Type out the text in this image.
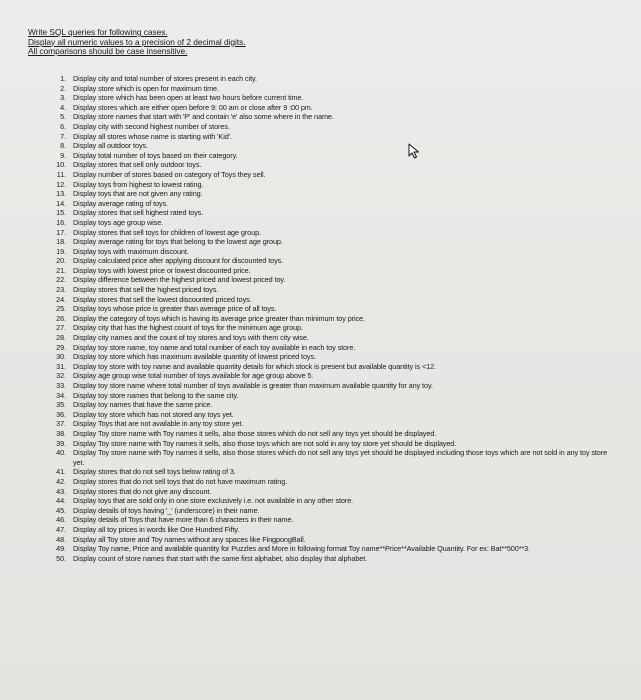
Write SQL queries for following cases.
Display all numeric values to a precision of 2 decimal digits.
All comparisons should be case insensitive.
1. Display city and total number of stores present in each city.
2. Display store which is open for maximum time.
3. Display store which has been open at least two hours before current time.
4. Display stores which are either open before 9: 00 am or close after 9 :00 pm.
5. Display store names that start with 'P' and contain 'e' also some where in the name.
6. Display city with second highest number of stores.
7. Display all stores whose name is starting with 'Kid'.
8. Display all outdoor toys.
9. Display total number of toys based on their category.
10. Display stores that sell only outdoor toys.
11. Display number of stores based on category of Toys they sell.
12. Display toys from highest to lowest rating.
13. Display toys that are not given any rating.
14. Display average rating of toys.
15. Display stores that sell highest rated toys.
16. Display toys age group wise.
17. Display stores that sell toys for children of lowest age group.
18. Display average rating for toys that belong to the lowest age group.
19. Display toys with maximum discount.
20. Display calculated price after applying discount for discounted toys.
21. Display toys with lowest price or lowest discounted price.
22. Display difference between the highest priced and lowest priced toy.
23. Display stores that sell the highest priced toys.
24. Display stores that sell the lowest discounted priced toys.
25. Display toys whose price is greater than average price of all toys.
26. Display the category of toys which is having its average price greater than minimum toy price.
27. Display city that has the highest count of toys for the minimum age group.
28. Display city names and the count of toy stores and toys with them city wise.
29. Display toy store name, toy name and total number of each toy available in each toy store.
30. Display toy store which has maximum available quantity of lowest priced toys.
31. Display toy store with toy name and available quantity details for which stock is present but available quantity is <12.
32. Display age group wise total number of toys available for age group above 5.
33. Display toy store name where total number of toys available is greater than maximum available quantity for any toy.
34. Display toy store names that belong to the same city.
35. Display toy names that have the same price.
36. Display toy store which has not stored any toys yet.
37. Display Toys that are not available in any toy store yet.
38. Display Toy store name with Toy names it sells, also those stores which do not sell any toys yet should be displayed.
39. Display Toy store name with Toy names it sells, also those toys which are not sold in any toy store yet should be displayed.
40. Display Toy store name with Toy names it sells, also those stores which do not sell any toys yet should be displayed including those toys which are not sold in any toy store yet.
41. Display stores that do not sell toys below rating of 3.
42. Display stores that do not sell toys that do not have maximum rating.
43. Display stores that do not give any discount.
44. Display toys that are sold only in one store exclusively i.e. not available in any other store.
45. Display details of toys having '_' (underscore) in their name.
46. Display details of Toys that have more than 6 characters in their name.
47. Display all toy prices in words like One Hundred Fifty.
48. Display all Toy store and Toy names without any spaces like FingpongBall.
49. Display Toy name, Price and available quantity for Puzzles and More in following format Toy name**Price**Available Quantity. For ex: Bat**500**3.
50. Display count of store names that start with the same first alphabet, also display that alphabet.
